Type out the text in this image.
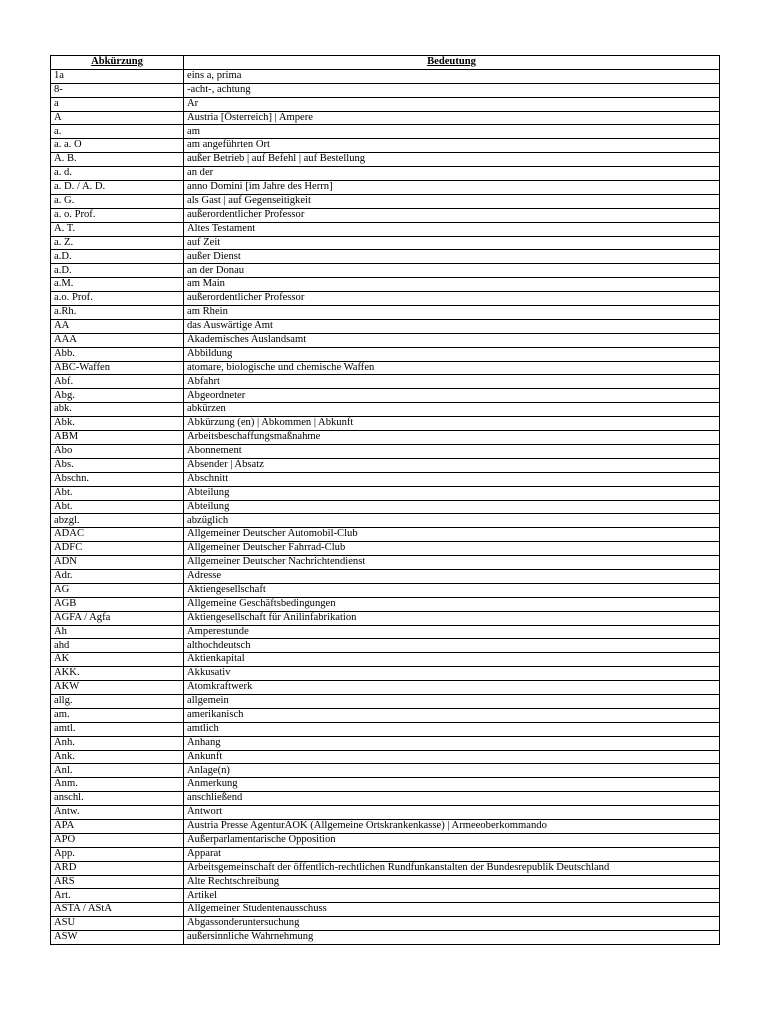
Abkürzung	Bedeutung
1a	eins a, prima
8-	-acht-, achtung
a	Ar
A	Austria [Österreich] | Ampere
a.	am
a. a. O	am angeführten Ort
A. B.	außer Betrieb | auf Befehl | auf Bestellung
a. d.	an der
a. D. / A. D.	anno Domini [im Jahre des Herrn]
a. G.	als Gast | auf Gegenseitigkeit
a. o. Prof.	außerordentlicher Professor
A. T.	Altes Testament
a. Z.	auf Zeit
a.D.	außer Dienst
a.D.	an der Donau
a.M.	am Main
a.o. Prof.	außerordentlicher Professor
a.Rh.	am Rhein
AA	das Auswärtige Amt
AAA	Akademisches Auslandsamt
Abb.	Abbildung
ABC-Waffen	atomare, biologische und chemische Waffen
Abf.	Abfahrt
Abg.	Abgeordneter
abk.	abkürzen
Abk.	Abkürzung (en) | Abkommen | Abkunft
ABM	Arbeitsbeschaffungsmaßnahme
Abo	Abonnement
Abs.	Absender | Absatz
Abschn.	Abschnitt
Abt.	Abteilung
Abt.	Abteilung
abzgl.	abzüglich
ADAC	Allgemeiner Deutscher Automobil-Club
ADFC	Allgemeiner Deutscher Fahrrad-Club
ADN	Allgemeiner Deutscher Nachrichtendienst
Adr.	Adresse
AG	Aktiengesellschaft
AGB	Allgemeine Geschäftsbedingungen
AGFA / Agfa	Aktiengesellschaft für Anilinfabrikation
Ah	Amperestunde
ahd	althochdeutsch
AK	Aktienkapital
AKK.	Akkusativ
AKW	Atomkraftwerk
allg.	allgemein
am.	amerikanisch
amtl.	amtlich
Anh.	Anhang
Ank.	Ankunft
Anl.	Anlage(n)
Anm.	Anmerkung
anschl.	anschließend
Antw.	Antwort
APA	Austria Presse AgenturAOK (Allgemeine Ortskrankenkasse) | Armeeoberkommando
APO	Außerparlamentarische Opposition
App.	Apparat
ARD	Arbeitsgemeinschaft der öffentlich-rechtlichen Rundfunkanstalten der Bundesrepublik Deutschland
ARS	Alte Rechtschreibung
Art.	Artikel
ASTA / AStA	Allgemeiner Studentenausschuss
ASU	Abgassonderuntersuchung
ASW	außersinnliche Wahrnehmung
